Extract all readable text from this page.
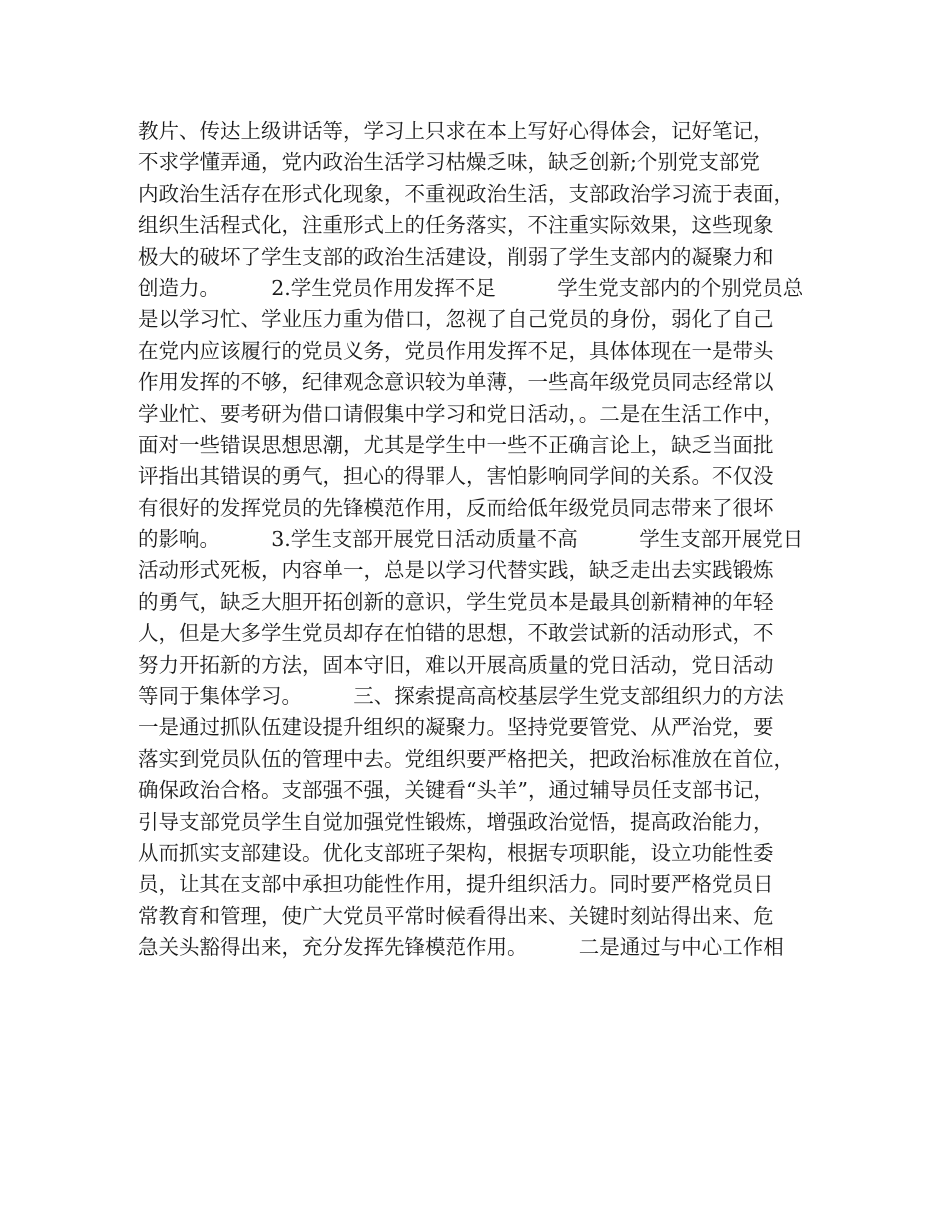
教片、传达上级讲话等，学习上只求在本上写好心得体会，记好笔记，
不求学懂弄通，党内政治生活学习枯燥乏味，缺乏创新;个别党支部党
内政治生活存在形式化现象，不重视政治生活，支部政治学习流于表面，
组织生活程式化，注重形式上的任务落实，不注重实际效果，这些现象
极大的破坏了学生支部的政治生活建设，削弱了学生支部内的凝聚力和
创造力。　　　2.学生党员作用发挥不足　　　学生党支部内的个别党员总
是以学习忙、学业压力重为借口，忽视了自己党员的身份，弱化了自己
在党内应该履行的党员义务，党员作用发挥不足，具体体现在一是带头
作用发挥的不够，纪律观念意识较为单薄，一些高年级党员同志经常以
学业忙、要考研为借口请假集中学习和党日活动，。二是在生活工作中，
面对一些错误思想思潮，尤其是学生中一些不正确言论上，缺乏当面批
评指出其错误的勇气，担心的得罪人，害怕影响同学间的关系。不仅没
有很好的发挥党员的先锋模范作用，反而给低年级党员同志带来了很坏
的影响。　　　3.学生支部开展党日活动质量不高　　　学生支部开展党日
活动形式死板，内容单一，总是以学习代替实践，缺乏走出去实践锻炼
的勇气，缺乏大胆开拓创新的意识，学生党员本是最具创新精神的年轻
人，但是大多学生党员却存在怕错的思想，不敢尝试新的活动形式，不
努力开拓新的方法，固本守旧，难以开展高质量的党日活动，党日活动
等同于集体学习。　　　三、探索提高高校基层学生党支部组织力的方法
一是通过抓队伍建设提升组织的凝聚力。坚持党要管党、从严治党，要
落实到党员队伍的管理中去。党组织要严格把关，把政治标准放在首位，
确保政治合格。支部强不强，关键看“头羊”，通过辅导员任支部书记，
引导支部党员学生自觉加强党性锻炼，增强政治觉悟，提高政治能力，
从而抓实支部建设。优化支部班子架构，根据专项职能，设立功能性委
员，让其在支部中承担功能性作用，提升组织活力。同时要严格党员日
常教育和管理，使广大党员平常时候看得出来、关键时刻站得出来、危
急关头豁得出来，充分发挥先锋模范作用。　　　二是通过与中心工作相
